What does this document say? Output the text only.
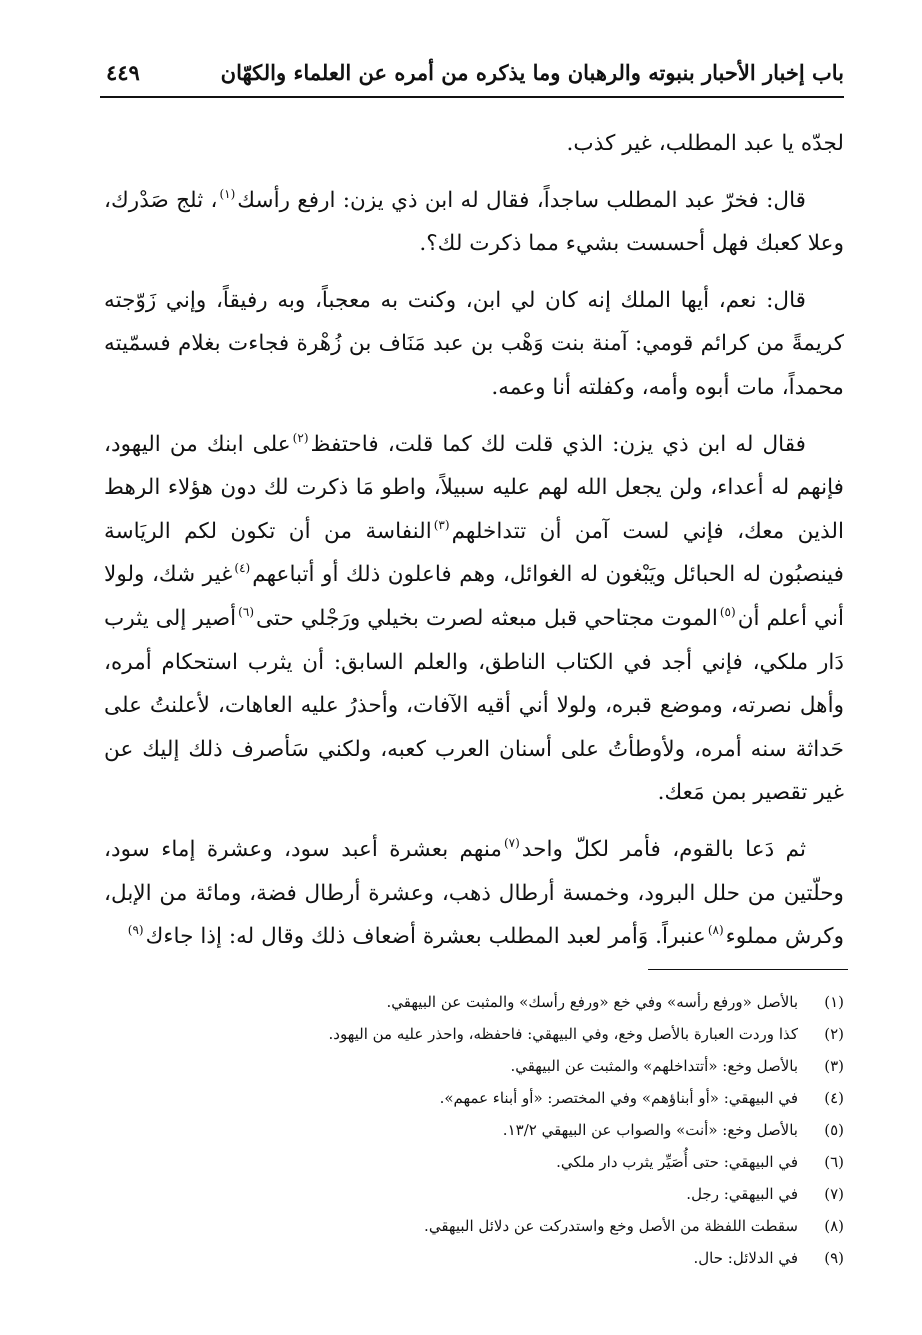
باب إخبار الأحبار بنبوته والرهبان وما يذكره من أمره عن العلماء والكهّان
٤٤٩

لجدّه يا عبد المطلب، غير كذب.

قال: فخرّ عبد المطلب ساجداً، فقال له ابن ذي يزن: ارفع رأسك$^{(١)}$، ثلج صَدْرك، وعلا كعبك فهل أحسست بشيء مما ذكرت لك؟.

قال: نعم، أيها الملك إنه كان لي ابن، وكنت به معجباً، وبه رفيقاً، وإني زَوّجته كريمةً من كرائم قومي: آمنة بنت وَهْب بن عبد مَنَاف بن زُهْرة فجاءت بغلام فسمّيته محمداً، مات أبوه وأمه، وكفلته أنا وعمه.

فقال له ابن ذي يزن: الذي قلت لك كما قلت، فاحتفظ$^{(٢)}$على ابنك من اليهود، فإنهم له أعداء، ولن يجعل الله لهم عليه سبيلاً، واطو مَا ذكرت لك دون هؤلاء الرهط الذين معك، فإني لست آمن أن تتداخلهم$^{(٣)}$النفاسة من أن تكون لكم الريَاسة فينصبُون له الحبائل ويَبْغون له الغوائل، وهم فاعلون ذلك أو أتباعهم$^{(٤)}$غير شك، ولولا أني أعلم أن$^{(٥)}$الموت مجتاحي قبل مبعثه لصرت بخيلي ورَجْلي حتى$^{(٦)}$أصير إلى يثرب دَار ملكي، فإني أجد في الكتاب الناطق، والعلم السابق: أن يثرب استحكام أمره، وأهل نصرته، وموضع قبره، ولولا أني أقيه الآفات، وأحذرُ عليه العاهات، لأعلنتُ على حَداثة سنه أمره، ولأوطأتُ على أسنان العرب كعبه، ولكني سَأصرف ذلك إليك عن غير تقصير بمن مَعك.

ثم دَعا بالقوم، فأمر لكلّ واحد$^{(٧)}$منهم بعشرة أعبد سود، وعشرة إماء سود، وحلّتين من حلل البرود، وخمسة أرطال ذهب، وعشرة أرطال فضة، ومائة من الإبل، وكرش مملوء$^{(٨)}$عنبراً. وَأمر لعبد المطلب بعشرة أضعاف ذلك وقال له: إذا جاءك$^{(٩)}$

(١)بالأصل «ورفع رأسه» وفي خع «ورفع رأسك» والمثبت عن البيهقي.
(٢)كذا وردت العبارة بالأصل وخع، وفي البيهقي: فاحفظه، واحذر عليه من اليهود.
(٣)بالأصل وخع: «أتتداخلهم» والمثبت عن البيهقي.
(٤)في البيهقي: «أو أبناؤهم» وفي المختصر: «أو أبناء عمهم».
(٥)بالأصل وخع: «أنت» والصواب عن البيهقي ١٣/٢.
(٦)في البيهقي: حتى أُصَيِّر يثرب دار ملكي.
(٧)في البيهقي: رجل.
(٨)سقطت اللفظة من الأصل وخع واستدركت عن دلائل البيهقي.
(٩)في الدلائل: حال.
